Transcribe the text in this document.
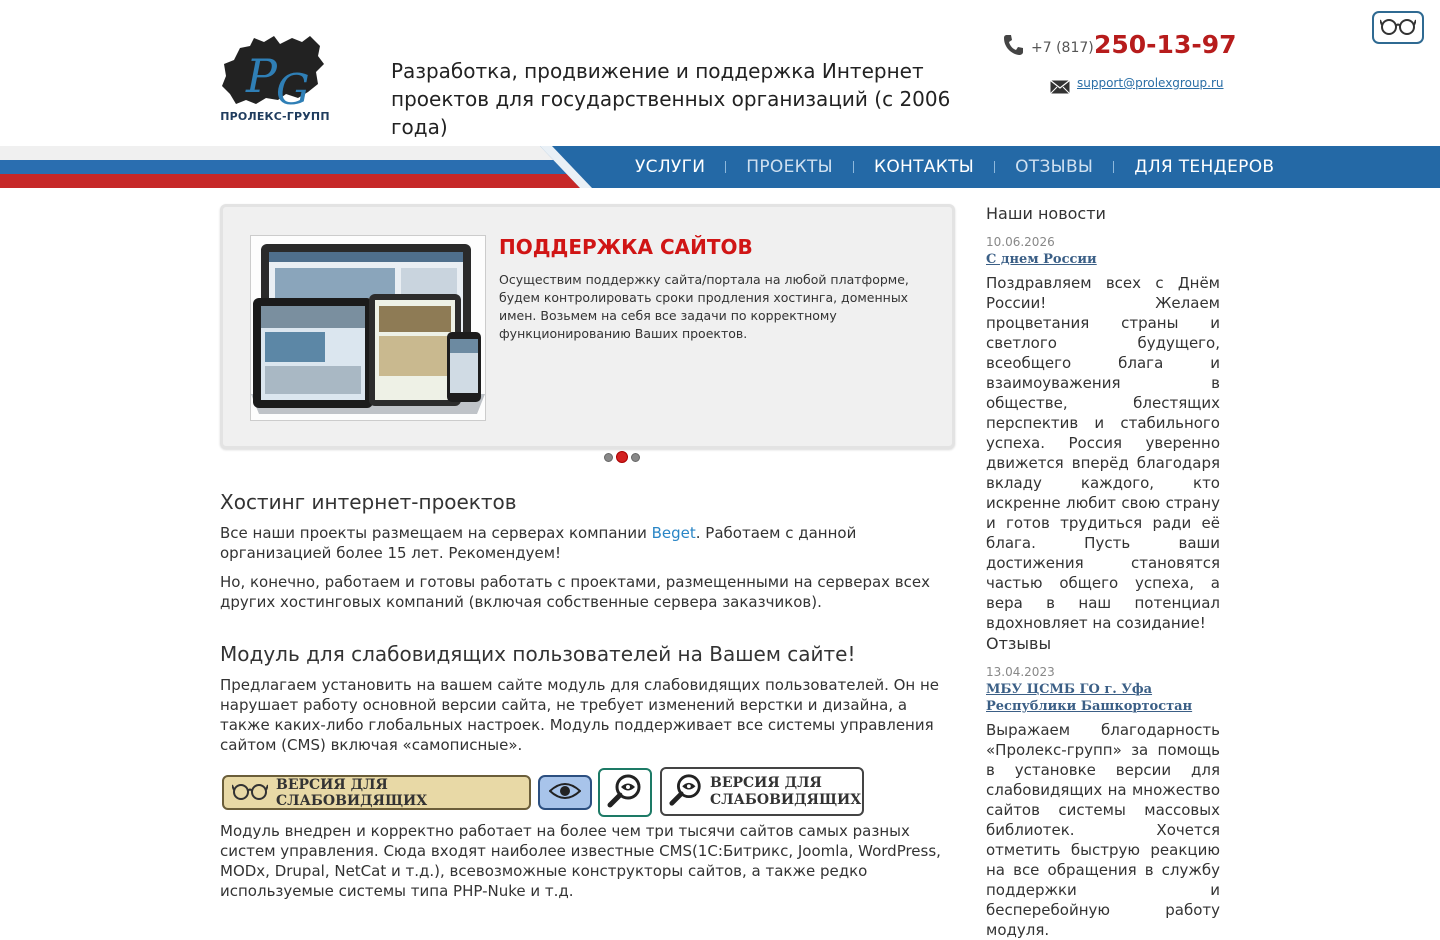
P G
ПРОЛЕКС-ГРУПП
Разработка, продвижение и поддержка Интернет проектов для государственных организаций (с 2006 года)
+7 (817) 250-13-97
support@prolexgroup.ru
УСЛУГИ	ПРОЕКТЫ	КОНТАКТЫ	ОТЗЫВЫ	ДЛЯ ТЕНДЕРОВ
ПОДДЕРЖКА САЙТОВ
Осуществим поддержку сайта/портала на любой платформе, будем контролировать сроки продления хостинга, доменных имен. Возьмем на себя все задачи по корректному функционированию Ваших проектов.
Хостинг интернет-проектов
Все наши проекты размещаем на серверах компании Beget. Работаем с данной организацией более 15 лет. Рекомендуем!
Но, конечно, работаем и готовы работать с проектами, размещенными на серверах всех других хостинговых компаний (включая собственные сервера заказчиков).
Модуль для слабовидящих пользователей на Вашем сайте!
Предлагаем установить на вашем сайте модуль для слабовидящих пользователей. Он не нарушает работу основной версии сайта, не требует изменений верстки и дизайна, а также каких-либо глобальных настроек. Модуль поддерживает все системы управления сайтом (CMS) включая «самописные».
ВЕРСИЯ ДЛЯ СЛАБОВИДЯЩИХ
ВЕРСИЯ ДЛЯ
СЛАБОВИДЯЩИХ
Модуль внедрен и корректно работает на более чем три тысячи сайтов самых разных систем управления. Сюда входят наиболее известные CMS(1С:Битрикс, Joomla, WordPress, MODx, Drupal, NetCat и т.д.), всевозможные конструкторы сайтов, а также редко используемые системы типа PHP-Nuke и т.д.
Наши новости
10.06.2026
С днем России
Поздравляем всех с Днём России! Желаем процветания страны и светлого будущего, всеобщего блага и взаимоуважения в обществе, блестящих перспектив и стабильного успеха. Россия уверенно движется вперёд благодаря вкладу каждого, кто искренне любит свою страну и готов трудиться ради её блага. Пусть ваши достижения становятся частью общего успеха, а вера в наш потенциал вдохновляет на созидание!
Отзывы
13.04.2023
МБУ ЦСМБ ГО г. Уфа Республики Башкортостан
Выражаем благодарность «Пролекс-групп» за помощь в установке версии для слабовидящих на множество сайтов системы массовых библиотек. Хочется отметить быструю реакцию на все обращения в службу поддержки и бесперебойную работу модуля.
